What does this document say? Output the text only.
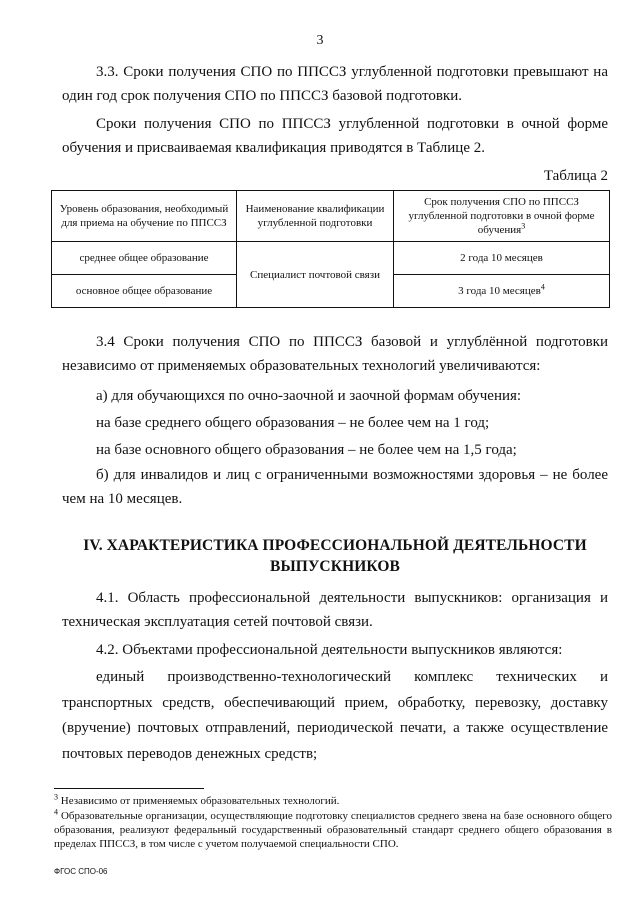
3

3.3. Сроки получения СПО по ППССЗ углубленной подготовки превышают на один год срок получения СПО по ППССЗ базовой подготовки.

Сроки получения СПО по ППССЗ углубленной подготовки в очной форме обучения и присваиваемая квалификация приводятся в Таблице 2.

Таблица 2

Уровень образования, необходимый для приема на обучение по ППССЗ	Наименование квалификации углубленной подготовки	Срок получения СПО по ППССЗ углубленной подготовки в очной форме обучения$^3$
среднее общее образование	Специалист почтовой связи	2 года 10 месяцев
основное общее образование		3 года 10 месяцев$^4$

3.4 Сроки получения СПО по ППССЗ базовой и углублённой подготовки независимо от применяемых образовательных технологий увеличиваются:

а) для обучающихся по очно-заочной и заочной формам обучения:

на базе среднего общего образования – не более чем на 1 год;

на базе основного общего образования – не более чем на 1,5 года;

б) для инвалидов и лиц с ограниченными возможностями здоровья – не более чем на 10 месяцев.

IV. ХАРАКТЕРИСТИКА ПРОФЕССИОНАЛЬНОЙ ДЕЯТЕЛЬНОСТИ
ВЫПУСКНИКОВ

4.1. Область профессиональной деятельности выпускников: организация и техническая эксплуатация сетей почтовой связи.

4.2. Объектами профессиональной деятельности выпускников являются:

единый производственно-технологический комплекс технических и транспортных средств, обеспечивающий прием, обработку, перевозку, доставку (вручение) почтовых отправлений, периодической печати, а также осуществление почтовых переводов денежных средств;

$^3$ Независимо от применяемых образовательных технологий.

$^4$ Образовательные организации, осуществляющие подготовку специалистов среднего звена на базе основного общего образования, реализуют федеральный государственный образовательный стандарт среднего общего образования в пределах ППССЗ, в том числе с учетом получаемой специальности СПО.

ФГОС СПО-06
